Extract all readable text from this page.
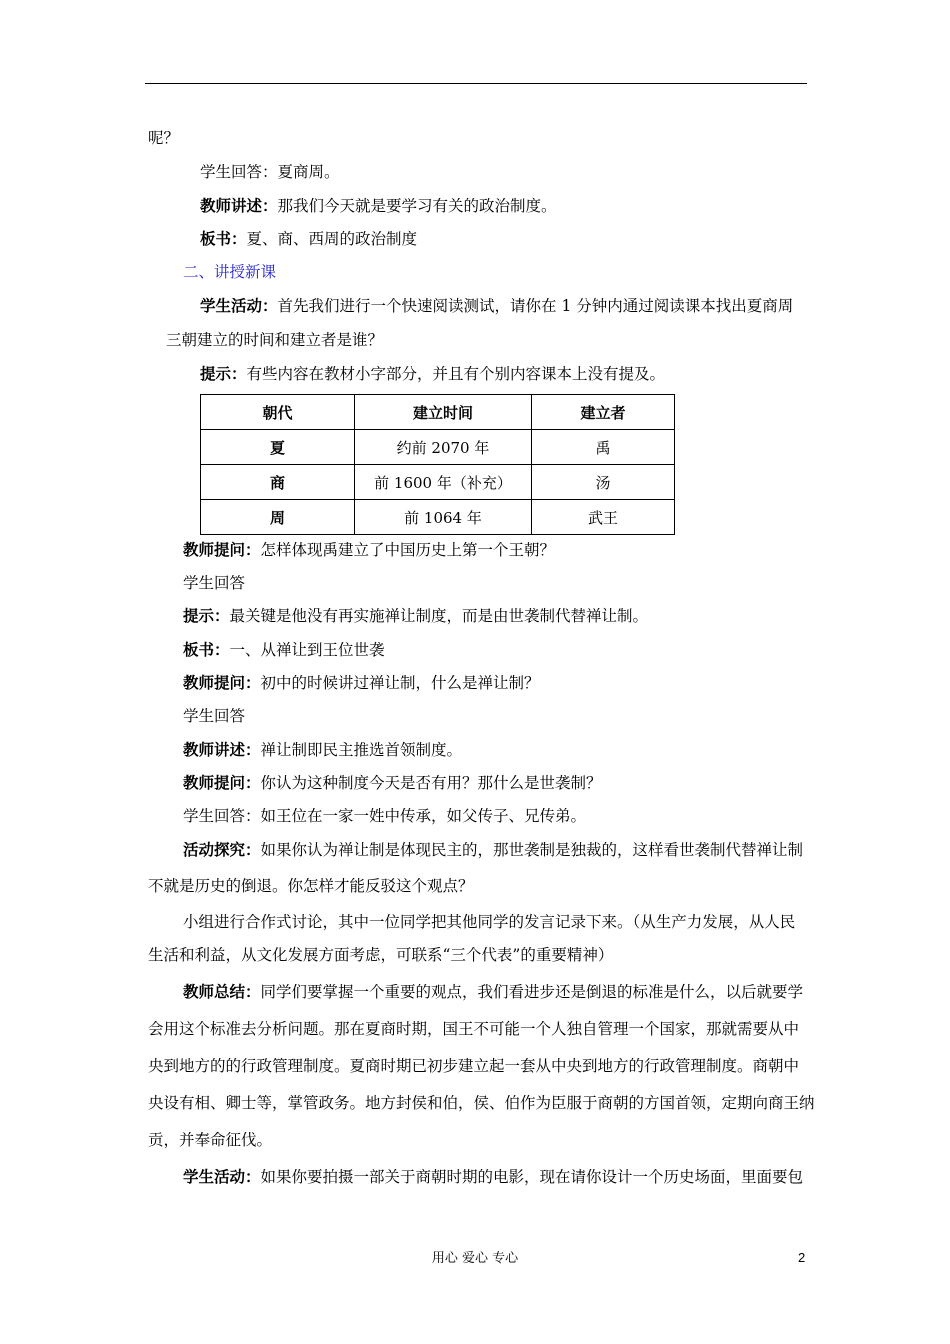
呢？
学生回答：夏商周。
教师讲述：那我们今天就是要学习有关的政治制度。
板书：夏、商、西周的政治制度
二、讲授新课
学生活动：首先我们进行一个快速阅读测试，请你在 1 分钟内通过阅读课本找出夏商周
三朝建立的时间和建立者是谁？
提示：有些内容在教材小字部分，并且有个别内容课本上没有提及。
朝代	建立时间	建立者
夏	约前 2070 年	禹
商	前 1600 年（补充）	汤
周	前 1064 年	武王
教师提问：怎样体现禹建立了中国历史上第一个王朝？
学生回答
提示：最关键是他没有再实施禅让制度，而是由世袭制代替禅让制。
板书：一、从禅让到王位世袭
教师提问：初中的时候讲过禅让制，什么是禅让制？
学生回答
教师讲述：禅让制即民主推选首领制度。
教师提问：你认为这种制度今天是否有用？那什么是世袭制？
学生回答：如王位在一家一姓中传承，如父传子、兄传弟。
活动探究：如果你认为禅让制是体现民主的，那世袭制是独裁的，这样看世袭制代替禅让制
不就是历史的倒退。你怎样才能反驳这个观点？
小组进行合作式讨论，其中一位同学把其他同学的发言记录下来。（从生产力发展，从人民
生活和利益，从文化发展方面考虑，可联系“三个代表”的重要精神）
教师总结：同学们要掌握一个重要的观点，我们看进步还是倒退的标准是什么，以后就要学
会用这个标准去分析问题。那在夏商时期，国王不可能一个人独自管理一个国家，那就需要从中
央到地方的的行政管理制度。夏商时期已初步建立起一套从中央到地方的行政管理制度。商朝中
央设有相、卿士等，掌管政务。地方封侯和伯，侯、伯作为臣服于商朝的方国首领，定期向商王纳
贡，并奉命征伐。
学生活动：如果你要拍摄一部关于商朝时期的电影，现在请你设计一个历史场面，里面要包
用心 爱心 专心	2
